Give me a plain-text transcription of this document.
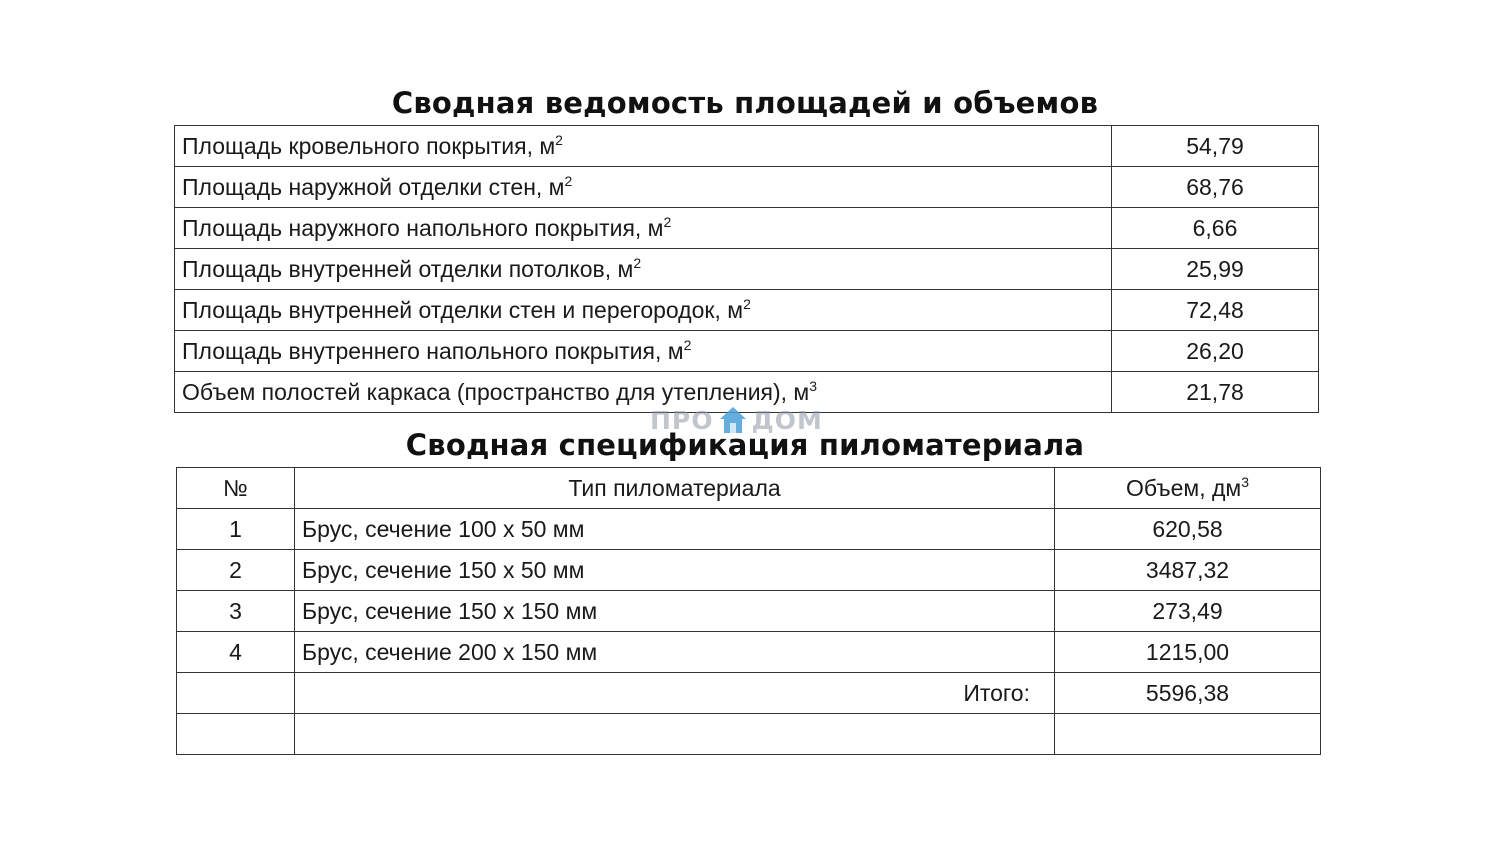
Сводная ведомость площадей и объемов
Площадь кровельного покрытия, $м^2$	54,79
Площадь наружной отделки стен, $м^2$	68,76
Площадь наружного напольного покрытия, $м^2$	6,66
Площадь внутренней отделки потолков, $м^2$	25,99
Площадь внутренней отделки стен и перегородок, $м^2$	72,48
Площадь внутреннего напольного покрытия, $м^2$	26,20
Объем полостей каркаса (пространство для утепления), $м^3$	21,78
ПРО ДОМ
Сводная спецификация пиломатериала
№	Тип пиломатериала	Объем, $дм^3$
1	Брус, сечение 100 х 50 мм	620,58
2	Брус, сечение 150 х 50 мм	3487,32
3	Брус, сечение 150 х 150 мм	273,49
4	Брус, сечение 200 х 150 мм	1215,00
	Итого:	5596,38
